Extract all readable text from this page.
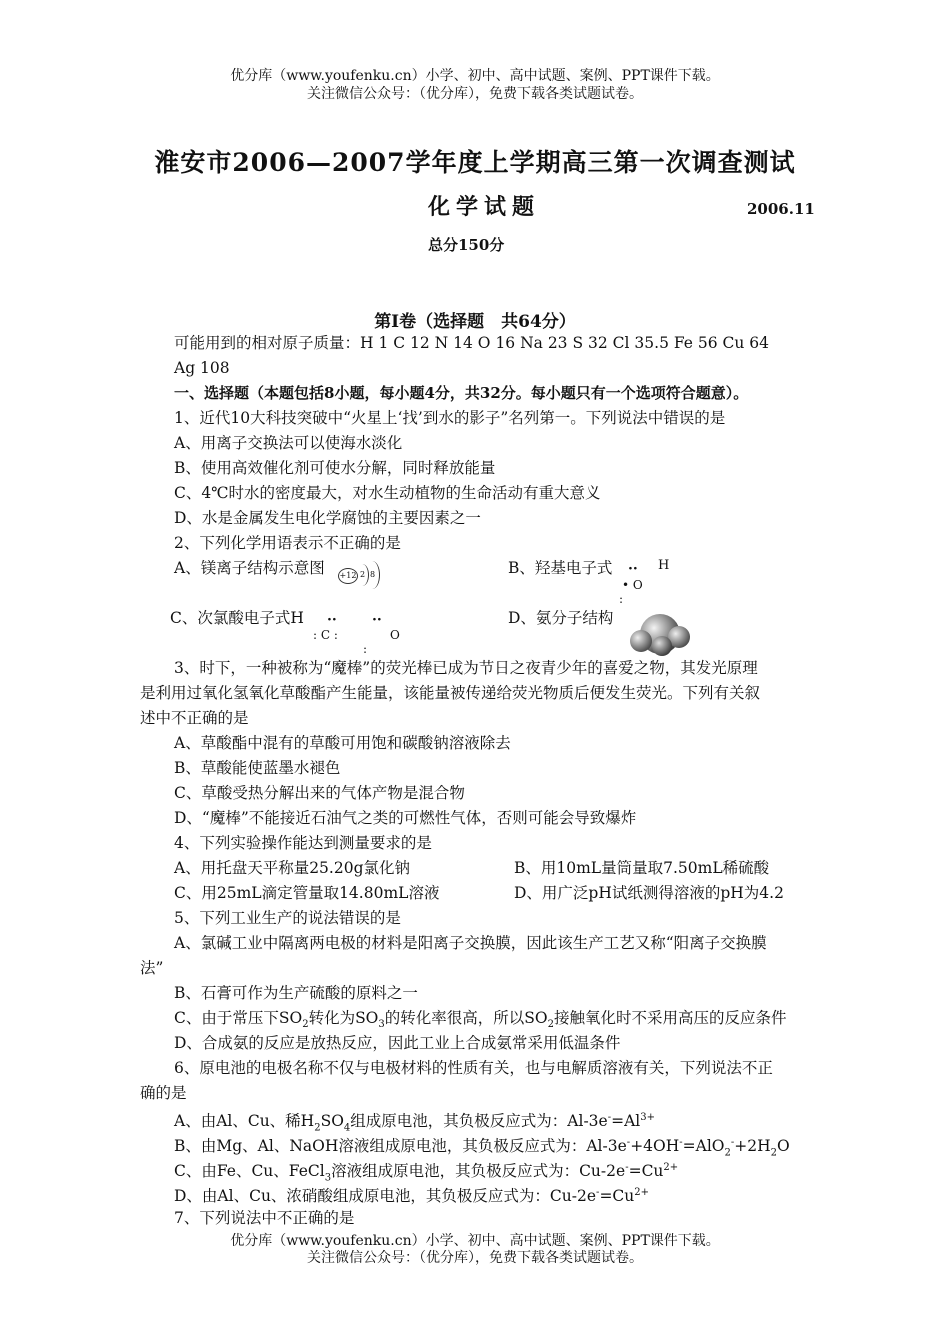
优分库（www.youfenku.cn）小学、初中、高中试题、案例、PPT课件下载。
关注微信公众号：（优分库），免费下载各类试题试卷。
淮安市2006—2007学年度上学期高三第一次调查测试
化学试题	2006.11
总分150分
第Ⅰ卷（选择题　共64分）
可能用到的相对原子质量：H 1 C 12 N 14 O 16 Na 23 S 32 Cl 35.5 Fe 56 Cu 64
Ag 108
一、选择题（本题包括8小题，每小题4分，共32分。每小题只有一个选项符合题意）。
1、近代10大科技突破中“火星上‘找’到水的影子”名列第一。下列说法中错误的是
A、用离子交换法可以使海水淡化
B、使用高效催化剂可使水分解，同时释放能量
C、4℃时水的密度最大，对水生动植物的生命活动有重大意义
D、水是金属发生电化学腐蚀的主要因素之一
2、下列化学用语表示不正确的是
A、镁离子结构示意图 +12 2 8	B、羟基电子式 ·· H
• O
:
C、次氯酸电子式H ··	··
: C :	O
:
D、氨分子结构
3、时下，一种被称为“魔棒”的荧光棒已成为节日之夜青少年的喜爱之物，其发光原理
是利用过氧化氢氧化草酸酯产生能量，该能量被传递给荧光物质后便发生荧光。下列有关叙
述中不正确的是
A、草酸酯中混有的草酸可用饱和碳酸钠溶液除去
B、草酸能使蓝墨水褪色
C、草酸受热分解出来的气体产物是混合物
D、“魔棒”不能接近石油气之类的可燃性气体，否则可能会导致爆炸
4、下列实验操作能达到测量要求的是
A、用托盘天平称量25.20g氯化钠	B、用10mL量筒量取7.50mL稀硫酸
C、用25mL滴定管量取14.80mL溶液	D、用广泛pH试纸测得溶液的pH为4.2
5、下列工业生产的说法错误的是
A、氯碱工业中隔离两电极的材料是阳离子交换膜，因此该生产工艺又称“阳离子交换膜
法”
B、石膏可作为生产硫酸的原料之一
C、由于常压下$SO_2$转化为$SO_3$的转化率很高，所以$SO_2$接触氧化时不采用高压的反应条件
D、合成氨的反应是放热反应，因此工业上合成氨常采用低温条件
6、原电池的电极名称不仅与电极材料的性质有关，也与电解质溶液有关，下列说法不正
确的是
A、由Al、Cu、稀$H_2SO_4$组成原电池，其负极反应式为：$Al-3e^-=Al^{3+}$
B、由Mg、Al、NaOH溶液组成原电池，其负极反应式为：$Al-3e^-+4OH^-=AlO_2^-+2H_2O$
C、由Fe、Cu、FeCl$_3$溶液组成原电池，其负极反应式为：$Cu-2e^-=Cu^{2+}$
D、由Al、Cu、浓硝酸组成原电池，其负极反应式为：$Cu-2e^-=Cu^{2+}$
7、下列说法中不正确的是
优分库（www.youfenku.cn）小学、初中、高中试题、案例、PPT课件下载。
关注微信公众号：（优分库），免费下载各类试题试卷。
